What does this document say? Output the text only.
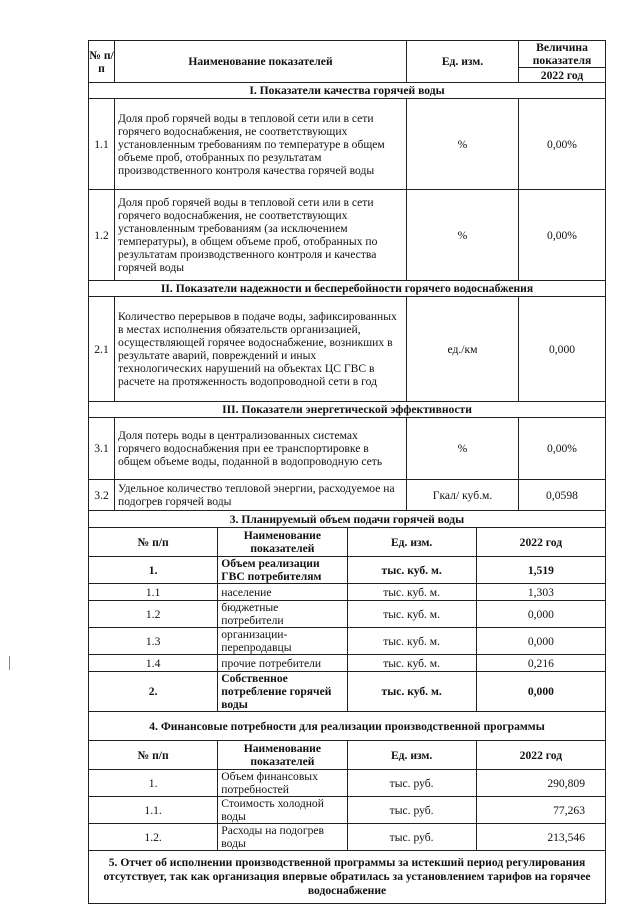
№ п/п	Наименование показателей	Ед. изм.	Величина показателя
			2022 год
I. Показатели качества горячей воды			
1.1	Доля проб горячей воды в тепловой сети или в сети горячего водоснабжения, не соответствующих установленным требованиям по температуре в общем объеме проб, отобранных по результатам производственного контроля качества горячей воды	%	0,00%
1.2	Доля проб горячей воды в тепловой сети или в сети горячего водоснабжения, не соответствующих установленным требованиям (за исключением температуры), в общем объеме проб, отобранных по результатам производственного контроля и качества горячей воды	%	0,00%
II. Показатели надежности и бесперебойности горячего водоснабжения			
2.1	Количество перерывов в подаче воды, зафиксированных в местах исполнения обязательств организацией, осуществляющей горячее водоснабжение, возникших в результате аварий, повреждений и иных технологических нарушений на объектах ЦС ГВС в расчете на протяженность водопроводной сети в год	ед./км	0,000
III. Показатели энергетической эффективности			
3.1	Доля потерь воды в централизованных системах горячего водоснабжения при ее транспортировке в общем объеме воды, поданной в водопроводную сеть	%	0,00%
3.2	Удельное количество тепловой энергии, расходуемое на подогрев горячей воды	Гкал/ куб.м.	0,0598
3. Планируемый объем подачи горячей воды			
№ п/п	Наименование показателей	Ед. изм.	2022 год
1.	Объем реализации ГВС потребителям	тыс. куб. м.	1,519
1.1	население	тыс. куб. м.	1,303
1.2	бюджетные потребители	тыс. куб. м.	0,000
1.3	организации-перепродавцы	тыс. куб. м.	0,000
1.4	прочие потребители	тыс. куб. м.	0,216
2.	Собственное потребление горячей воды	тыс. куб. м.	0,000
4. Финансовые потребности для реализации производственной программы			
№ п/п	Наименование показателей	Ед. изм.	2022 год
1.	Объем финансовых потребностей	тыс. руб.	290,809
1.1.	Стоимость холодной воды	тыс. руб.	77,263
1.2.	Расходы на подогрев воды	тыс. руб.	213,546
5. Отчет об исполнении производственной программы за истекший период регулирования отсутствует, так как организация впервые обратилась за установлением тарифов на горячее водоснабжение			
